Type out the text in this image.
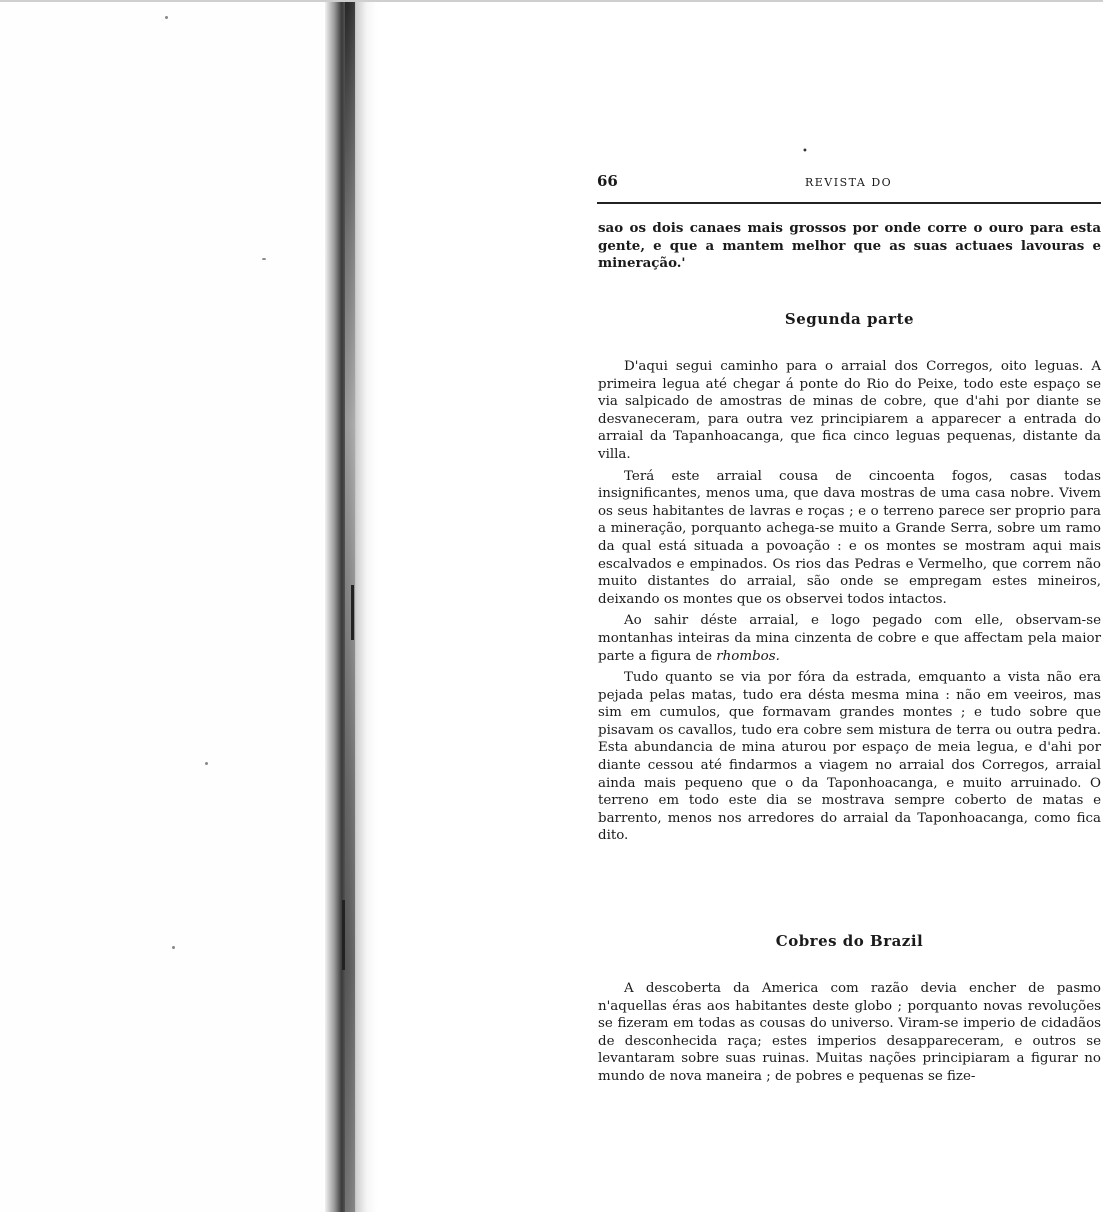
•
66	REVISTA DO

sao os dois canaes mais grossos por onde corre o ouro para esta gente, e que a mantem melhor que as suas actuaes lavouras e mineração.'

Segunda parte

D'aqui segui caminho para o arraial dos Corregos, oito leguas. A primeira legua até chegar á ponte do Rio do Peixe, todo este espaço se via salpicado de amostras de minas de cobre, que d'ahi por diante se desvaneceram, para outra vez principiarem a apparecer a entrada do arraial da Tapanhoacanga, que fica cinco leguas pequenas, distante da villa.

Terá este arraial cousa de cincoenta fogos, casas todas insignificantes, menos uma, que dava mostras de uma casa nobre. Vivem os seus habitantes de lavras e roças ; e o terreno parece ser proprio para a mineração, porquanto achega-se muito a Grande Serra, sobre um ramo da qual está situada a povoação : e os montes se mostram aqui mais escalvados e empinados. Os rios das Pedras e Vermelho, que correm não muito distantes do arraial, são onde se empregam estes mineiros, deixando os montes que os observei todos intactos.

Ao sahir déste arraial, e logo pegado com elle, observam-se montanhas inteiras da mina cinzenta de cobre e que affectam pela maior parte a figura de rhombos.

Tudo quanto se via por fóra da estrada, emquanto a vista não era pejada pelas matas, tudo era désta mesma mina : não em veeiros, mas sim em cumulos, que formavam grandes montes ; e tudo sobre que pisavam os cavallos, tudo era cobre sem mistura de terra ou outra pedra. Esta abundancia de mina aturou por espaço de meia legua, e d'ahi por diante cessou até findarmos a viagem no arraial dos Corregos, arraial ainda mais pequeno que o da Taponhoacanga, e muito arruinado. O terreno em todo este dia se mostrava sempre coberto de matas e barrento, menos nos arredores do arraial da Taponhoacanga, como fica dito.

Cobres do Brazil

A descoberta da America com razão devia encher de pasmo n'aquellas éras aos habitantes deste globo ; porquanto novas revoluções se fizeram em todas as cousas do universo. Viram-se imperio de cidadãos de desconhecida raça; estes imperios desappareceram, e outros se levantaram sobre suas ruinas. Muitas nações principiaram a figurar no mundo de nova maneira ; de pobres e pequenas se fize-
